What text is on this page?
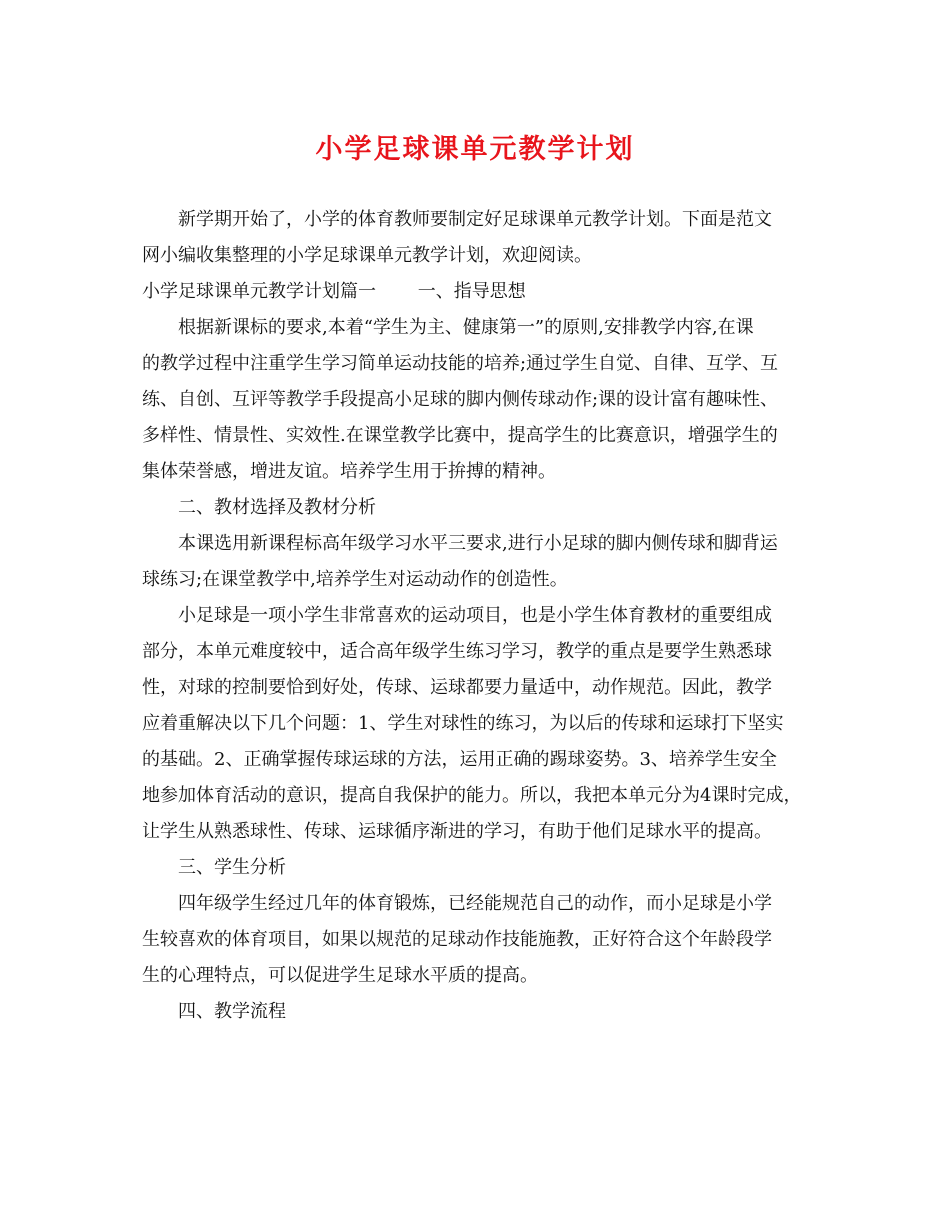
小学足球课单元教学计划
新学期开始了，小学的体育教师要制定好足球课单元教学计划。下面是范文
网小编收集整理的小学足球课单元教学计划，欢迎阅读。
小学足球课单元教学计划篇一　　 一、指导思想
根据新课标的要求,本着“学生为主、健康第一”的原则,安排教学内容,在课
的教学过程中注重学生学习简单运动技能的培养;通过学生自觉、自律、互学、互
练、自创、互评等教学手段提高小足球的脚内侧传球动作;课的设计富有趣味性、
多样性、情景性、实效性.在课堂教学比赛中，提高学生的比赛意识，增强学生的
集体荣誉感，增进友谊。培养学生用于拚搏的精神。
二、教材选择及教材分析
本课选用新课程标高年级学习水平三要求,进行小足球的脚内侧传球和脚背运
球练习;在课堂教学中,培养学生对运动动作的创造性。
小足球是一项小学生非常喜欢的运动项目，也是小学生体育教材的重要组成
部分，本单元难度较中，适合高年级学生练习学习，教学的重点是要学生熟悉球
性，对球的控制要恰到好处，传球、运球都要力量适中，动作规范。因此，教学
应着重解决以下几个问题：1、学生对球性的练习，为以后的传球和运球打下坚实
的基础。2、正确掌握传球运球的方法，运用正确的踢球姿势。3、培养学生安全
地参加体育活动的意识，提高自我保护的能力。所以，我把本单元分为4课时完成，
让学生从熟悉球性、传球、运球循序渐进的学习，有助于他们足球水平的提高。
三、学生分析
四年级学生经过几年的体育锻炼，已经能规范自己的动作，而小足球是小学
生较喜欢的体育项目，如果以规范的足球动作技能施教，正好符合这个年龄段学
生的心理特点，可以促进学生足球水平质的提高。
四、教学流程
